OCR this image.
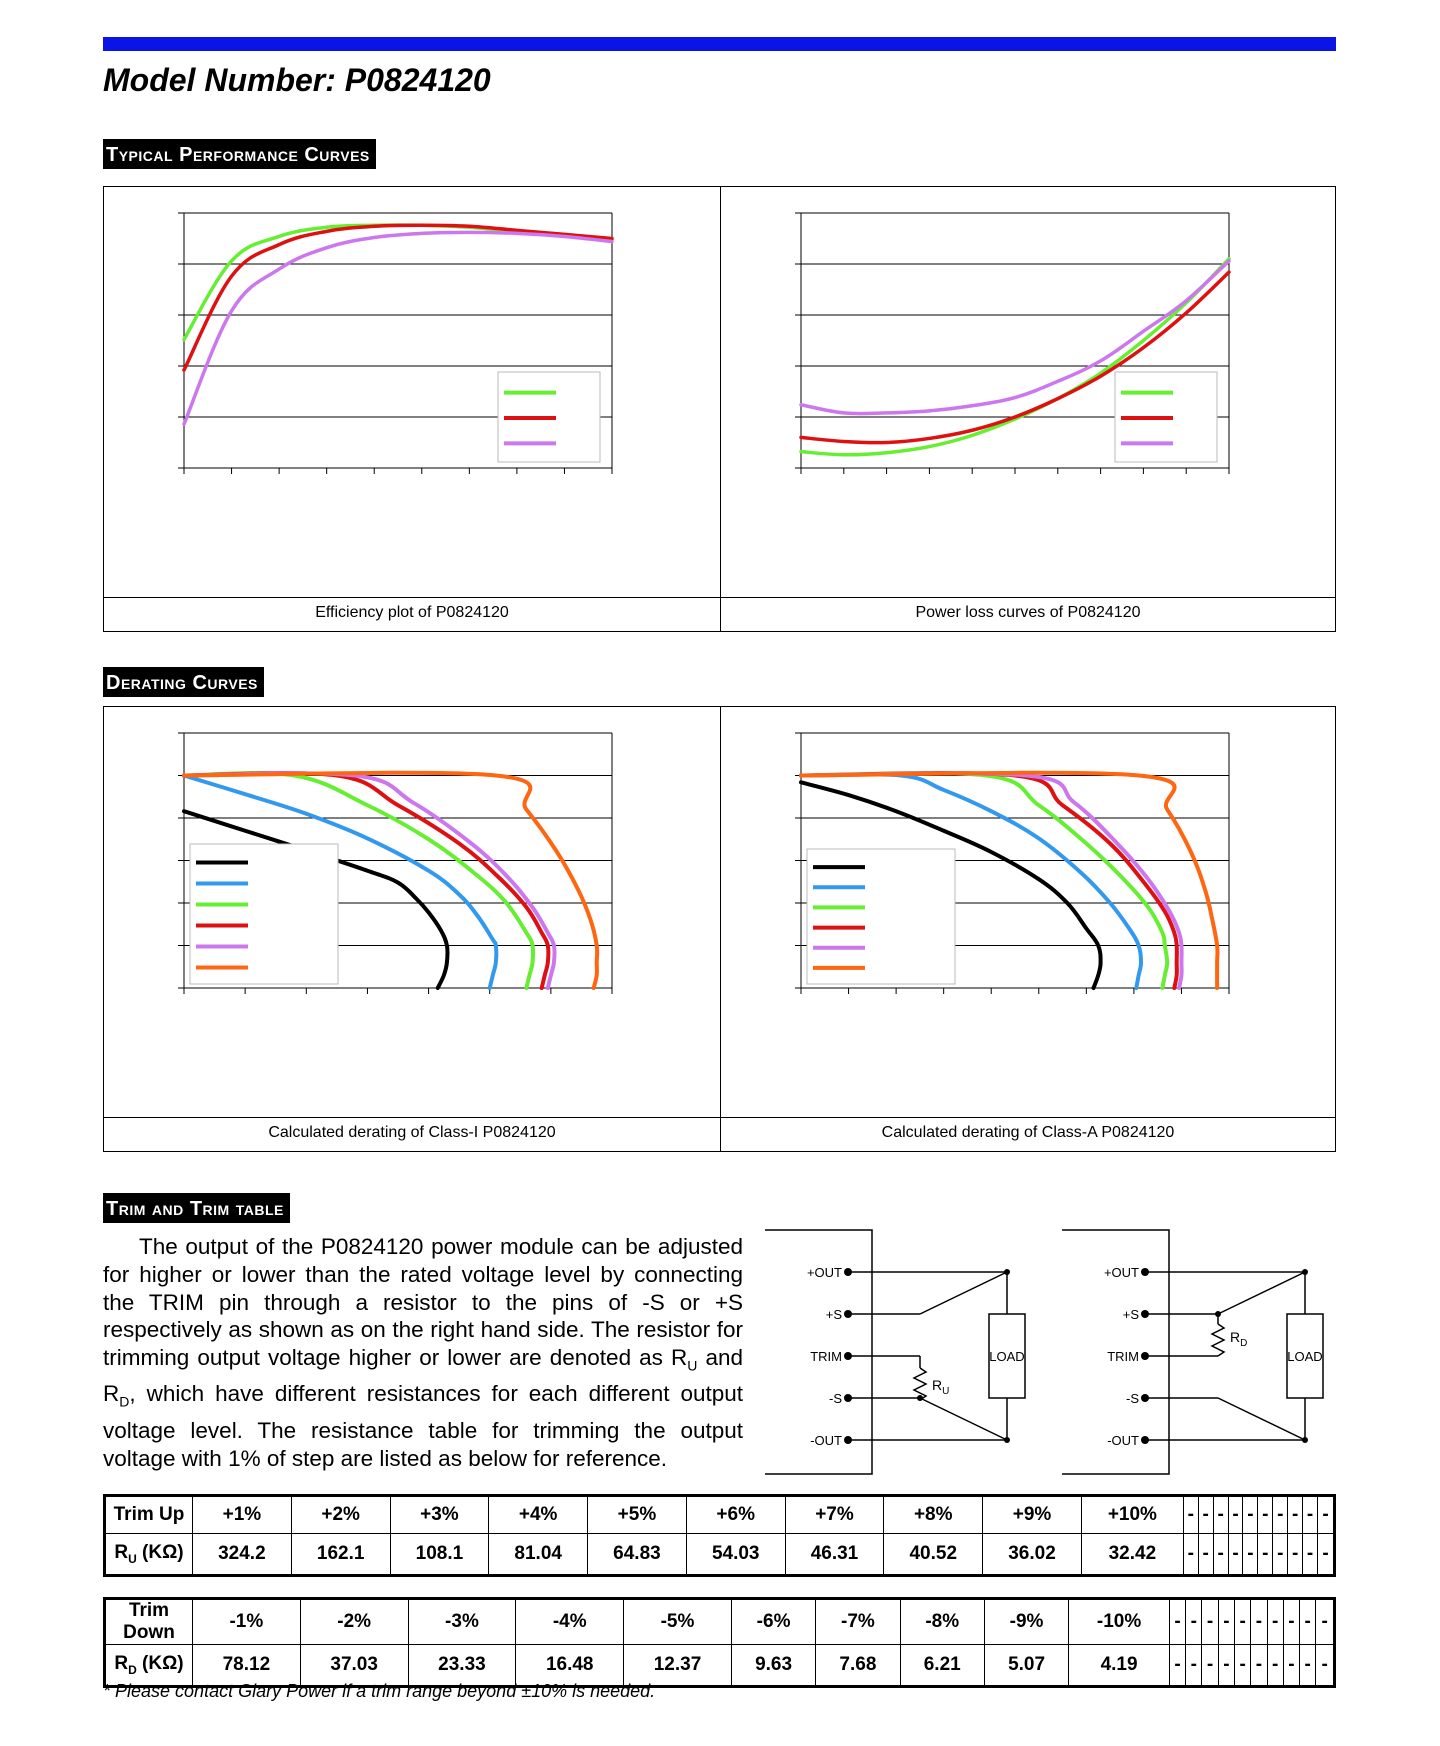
Model Number: P0824120
Typical Performance Curves
Efficiency plot of P0824120	Power loss curves of P0824120
Derating Curves
Calculated derating of Class-I P0824120	Calculated derating of Class-A P0824120
Trim and Trim table
The output of the P0824120 power module can be adjusted for higher or lower than the rated voltage level by connecting the TRIM pin through a resistor to the pins of -S or +S respectively as shown as on the right hand side. The resistor for trimming output voltage higher or lower are denoted as $R_U$ and $R_D$, which have different resistances for each different output voltage level. The resistance table for trimming the output voltage with 1% of step are listed as below for reference.
+OUT
+S
TRIM
-S
-OUT
+OUT
+S
TRIM
-S
-OUT
LOAD	LOAD
$R_U$
$R_D$
Trim Up	+1%	+2%	+3%	+4%	+5%	+6%	+7%	+8%	+9%	+10%	-	-	-	-	-	-	-	-	-	-
$R_U$ (KΩ)	324.2	162.1	108.1	81.04	64.83	54.03	46.31	40.52	36.02	32.42	-	-	-	-	-	-	-	-	-	-
Trim Down	-1%	-2%	-3%	-4%	-5%	-6%	-7%	-8%	-9%	-10%	-	-	-	-	-	-	-	-	-	-
$R_D$ (KΩ)	78.12	37.03	23.33	16.48	12.37	9.63	7.68	6.21	5.07	4.19	-	-	-	-	-	-	-	-	-	-
* Please contact Glary Power if a trim range beyond ±10% is needed.
